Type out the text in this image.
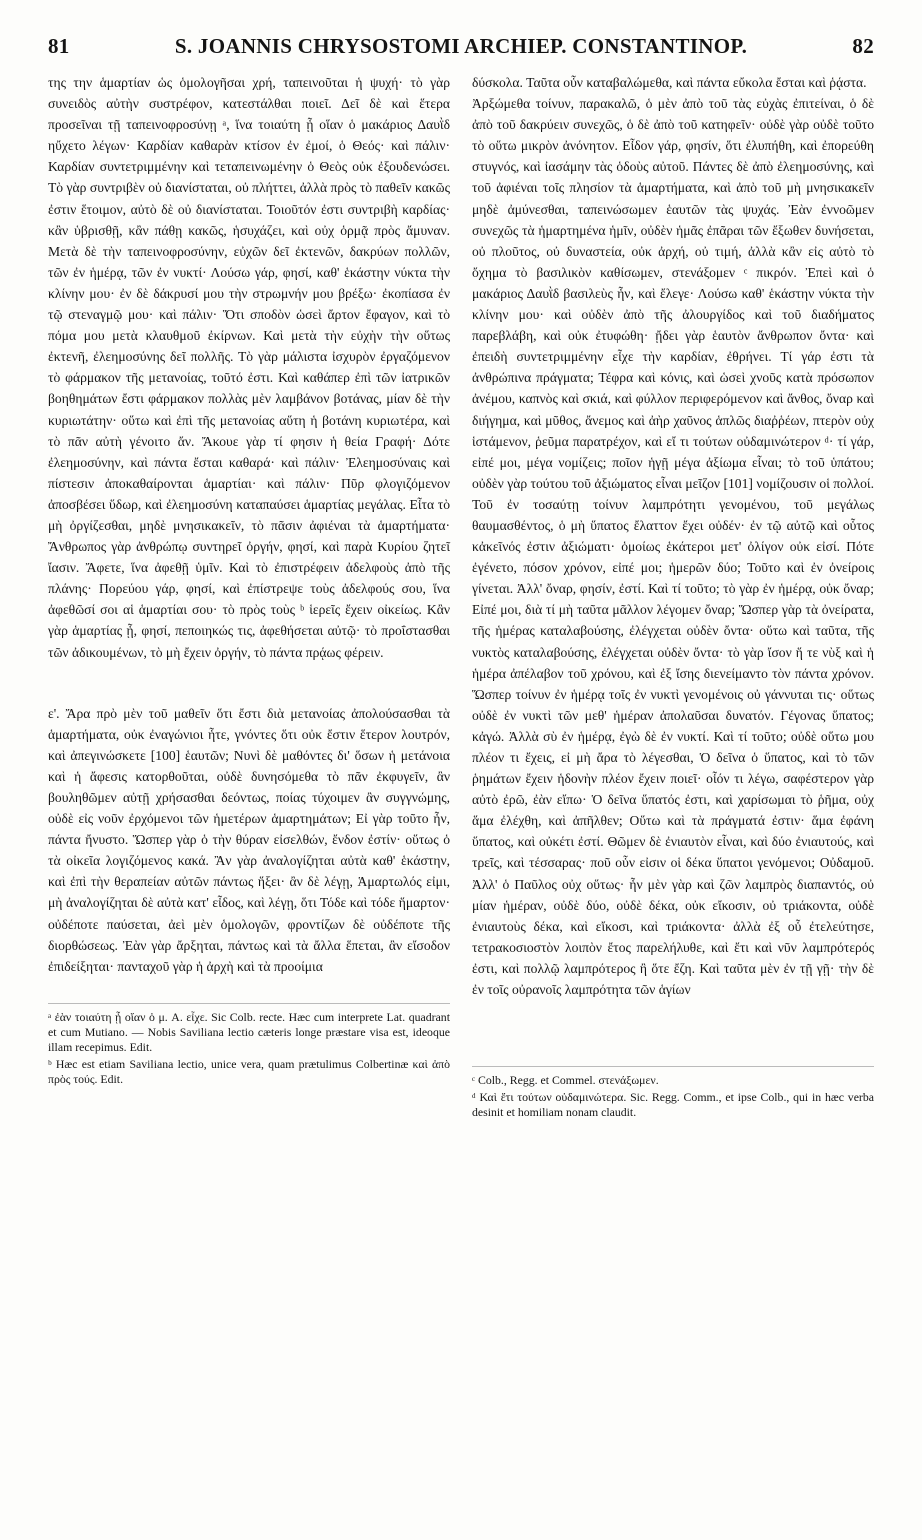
81	S. JOANNIS CHRYSOSTOMI ARCHIEP. CONSTANTINOP.	82

της την ἁμαρτίαν ὡς ὁμολογῆσαι χρή, ταπεινοῦται ἡ ψυχή· τὸ γὰρ συνειδὸς αὐτὴν συστρέφον, κατεστάλθαι ποιεῖ. Δεῖ δὲ καὶ ἕτερα προσεῖναι τῇ ταπεινοφροσύνῃ ᵃ, ἵνα τοιαύτη ᾖ οἵαν ὁ μακάριος Δαυῒδ ηὔχετο λέγων· Καρδίαν καθαρὰν κτίσον ἐν ἐμοί, ὁ Θεός· καὶ πάλιν· Καρδίαν συντετριμμένην καὶ τεταπεινωμένην ὁ Θεὸς οὐκ ἐξουδενώσει. Τὸ γὰρ συντριβὲν οὐ διανίσταται, οὐ πλήττει, ἀλλὰ πρὸς τὸ παθεῖν κακῶς ἐστιν ἕτοιμον, αὐτὸ δὲ οὐ διανίσταται. Τοιοῦτόν ἐστι συντριβὴ καρδίας· κἂν ὑβρισθῇ, κἂν πάθῃ κακῶς, ἡσυχάζει, καὶ οὐχ ὁρμᾷ πρὸς ἄμυναν. Μετὰ δὲ τὴν ταπεινοφροσύνην, εὐχῶν δεῖ ἐκτενῶν, δακρύων πολλῶν, τῶν ἐν ἡμέρᾳ, τῶν ἐν νυκτί· Λούσω γάρ, φησί, καθ' ἑκάστην νύκτα τὴν κλίνην μου· ἐν δὲ δάκρυσί μου τὴν στρωμνήν μου βρέξω· ἐκοπίασα ἐν τῷ στεναγμῷ μου· καὶ πάλιν· Ὅτι σποδὸν ὡσεὶ ἄρτον ἔφαγον, καὶ τὸ πόμα μου μετὰ κλαυθμοῦ ἐκίρνων. Καὶ μετὰ τὴν εὐχὴν τὴν οὕτως ἐκτενῆ, ἐλεημοσύνης δεῖ πολλῆς. Τὸ γὰρ μάλιστα ἰσχυρὸν ἐργαζόμενον τὸ φάρμακον τῆς μετανοίας, τοῦτό ἐστι. Καὶ καθάπερ ἐπὶ τῶν ἰατρικῶν βοηθημάτων ἔστι φάρμακον πολλὰς μὲν λαμβάνον βοτάνας, μίαν δὲ τὴν κυριωτάτην· οὕτω καὶ ἐπὶ τῆς μετανοίας αὕτη ἡ βοτάνη κυριωτέρα, καὶ τὸ πᾶν αὐτὴ γένοιτο ἄν. Ἄκουε γὰρ τί φησιν ἡ θεία Γραφή· Δότε ἐλεημοσύνην, καὶ πάντα ἔσται καθαρά· καὶ πάλιν· Ἐλεημοσύναις καὶ πίστεσιν ἀποκαθαίρονται ἁμαρτίαι· καὶ πάλιν· Πῦρ φλογιζόμενον ἀποσβέσει ὕδωρ, καὶ ἐλεημοσύνη καταπαύσει ἁμαρτίας μεγάλας. Εἶτα τὸ μὴ ὀργίζεσθαι, μηδὲ μνησικακεῖν, τὸ πᾶσιν ἀφιέναι τὰ ἁμαρτήματα· Ἄνθρωπος γὰρ ἀνθρώπῳ συντηρεῖ ὀργήν, φησί, καὶ παρὰ Κυρίου ζητεῖ ἴασιν. Ἄφετε, ἵνα ἀφεθῇ ὑμῖν. Καὶ τὸ ἐπιστρέφειν ἀδελφοὺς ἀπὸ τῆς πλάνης· Πορεύου γάρ, φησί, καὶ ἐπίστρεψε τοὺς ἀδελφούς σου, ἵνα ἀφεθῶσί σοι αἱ ἁμαρτίαι σου· τὸ πρὸς τοὺς ᵇ ἱερεῖς ἔχειν οἰκείως. Κἂν γὰρ ἁμαρτίας ᾖ, φησί, πεποιηκώς τις, ἀφεθήσεται αὐτῷ· τὸ προΐστασθαι τῶν ἀδικουμένων, τὸ μὴ ἔχειν ὀργήν, τὸ πάντα πρᾴως φέρειν.

ε'. Ἄρα πρὸ μὲν τοῦ μαθεῖν ὅτι ἔστι διὰ μετανοίας ἀπολούσασθαι τὰ ἁμαρτήματα, οὐκ ἐναγώνιοι ἦτε, γνόντες ὅτι οὐκ ἔστιν ἕτερον λουτρόν, καὶ ἀπεγινώσκετε [100] ἑαυτῶν; Νυνὶ δὲ μαθόντες δι' ὅσων ἡ μετάνοια καὶ ἡ ἄφεσις κατορθοῦται, οὐδὲ δυνησόμεθα τὸ πᾶν ἐκφυγεῖν, ἂν βουληθῶμεν αὐτῇ χρήσασθαι δεόντως, ποίας τύχοιμεν ἂν συγγνώμης, οὐδὲ εἰς νοῦν ἐρχόμενοι τῶν ἡμετέρων ἁμαρτημάτων; Εἰ γὰρ τοῦτο ἦν, πάντα ἤνυστο. Ὥσπερ γὰρ ὁ τὴν θύραν εἰσελθών, ἔνδον ἐστίν· οὕτως ὁ τὰ οἰκεῖα λογιζόμενος κακά. Ἂν γὰρ ἀναλογίζηται αὐτὰ καθ' ἑκάστην, καὶ ἐπὶ τὴν θεραπείαν αὐτῶν πάντως ἥξει· ἂν δὲ λέγῃ, Ἁμαρτωλός εἰμι, μὴ ἀναλογίζηται δὲ αὐτὰ κατ' εἶδος, καὶ λέγῃ, ὅτι Τόδε καὶ τόδε ἥμαρτον· οὐδέποτε παύσεται, ἀεὶ μὲν ὁμολογῶν, φροντίζων δὲ οὐδέποτε τῆς διορθώσεως. Ἐὰν γὰρ ἄρξηται, πάντως καὶ τὰ ἄλλα ἕπεται, ἂν εἴσοδον ἐπιδείξηται· πανταχοῦ γὰρ ἡ ἀρχὴ καὶ τὰ προοίμια

ᵃ ἐὰν τοιαύτη ᾖ οἵαν ὁ μ. A. εἶχε. Sic Colb. recte. Hæc cum interprete Lat. quadrant et cum Mutiano. — Nobis Saviliana lectio cæteris longe præstare visa est, ideoque illam recepimus. Edit.

ᵇ Hæc est etiam Saviliana lectio, unice vera, quam prætulimus Colbertinæ καὶ ἀπὸ πρὸς τούς. Edit.

δύσκολα. Ταῦτα οὖν καταβαλώμεθα, καὶ πάντα εὔκολα ἔσται καὶ ῥᾴστα.

Ἀρξώμεθα τοίνυν, παρακαλῶ, ὁ μὲν ἀπὸ τοῦ τὰς εὐχὰς ἐπιτείναι, ὁ δὲ ἀπὸ τοῦ δακρύειν συνεχῶς, ὁ δὲ ἀπὸ τοῦ κατηφεῖν· οὐδὲ γὰρ οὐδὲ τοῦτο τὸ οὕτω μικρὸν ἀνόνητον. Εἶδον γάρ, φησίν, ὅτι ἐλυπήθη, καὶ ἐπορεύθη στυγνός, καὶ ἰασάμην τὰς ὁδοὺς αὐτοῦ. Πάντες δὲ ἀπὸ ἐλεημοσύνης, καὶ τοῦ ἀφιέναι τοῖς πλησίον τὰ ἁμαρτήματα, καὶ ἀπὸ τοῦ μὴ μνησικακεῖν μηδὲ ἀμύνεσθαι, ταπεινώσωμεν ἑαυτῶν τὰς ψυχάς. Ἐὰν ἐννοῶμεν συνεχῶς τὰ ἡμαρτημένα ἡμῖν, οὐδὲν ἡμᾶς ἐπᾶραι τῶν ἔξωθεν δυνήσεται, οὐ πλοῦτος, οὐ δυναστεία, οὐκ ἀρχή, οὐ τιμή, ἀλλὰ κἂν εἰς αὐτὸ τὸ ὄχημα τὸ βασιλικὸν καθίσωμεν, στενάξομεν ᶜ πικρόν. Ἐπεὶ καὶ ὁ μακάριος Δαυῒδ βασιλεὺς ἦν, καὶ ἔλεγε· Λούσω καθ' ἑκάστην νύκτα τὴν κλίνην μου· καὶ οὐδὲν ἀπὸ τῆς ἀλουργίδος καὶ τοῦ διαδήματος παρεβλάβη, καὶ οὐκ ἐτυφώθη· ᾔδει γὰρ ἑαυτὸν ἄνθρωπον ὄντα· καὶ ἐπειδὴ συντετριμμένην εἶχε τὴν καρδίαν, ἐθρήνει. Τί γάρ ἐστι τὰ ἀνθρώπινα πράγματα; Τέφρα καὶ κόνις, καὶ ὡσεὶ χνοῦς κατὰ πρόσωπον ἀνέμου, καπνὸς καὶ σκιά, καὶ φύλλον περιφερόμενον καὶ ἄνθος, ὄναρ καὶ διήγημα, καὶ μῦθος, ἄνεμος καὶ ἀὴρ χαῦνος ἁπλῶς διαῤῥέων, πτερὸν οὐχ ἱστάμενον, ῥεῦμα παρατρέχον, καὶ εἴ τι τούτων οὐδαμινώτερον ᵈ· τί γάρ, εἰπέ μοι, μέγα νομίζεις; ποῖον ἡγῇ μέγα ἀξίωμα εἶναι; τὸ τοῦ ὑπάτου; οὐδὲν γὰρ τούτου τοῦ ἀξιώματος εἶναι μεῖζον [101] νομίζουσιν οἱ πολλοί. Τοῦ ἐν τοσαύτῃ τοίνυν λαμπρότητι γενομένου, τοῦ μεγάλως θαυμασθέντος, ὁ μὴ ὕπατος ἔλαττον ἔχει οὐδέν· ἐν τῷ αὐτῷ καὶ οὗτος κἀκεῖνός ἐστιν ἀξιώματι· ὁμοίως ἑκάτεροι μετ' ὀλίγον οὐκ εἰσί. Πότε ἐγένετο, πόσον χρόνον, εἰπέ μοι; ἡμερῶν δύο; Τοῦτο καὶ ἐν ὀνείροις γίνεται. Ἀλλ' ὄναρ, φησίν, ἐστί. Καὶ τί τοῦτο; τὸ γὰρ ἐν ἡμέρᾳ, οὐκ ὄναρ; Εἰπέ μοι, διὰ τί μὴ ταῦτα μᾶλλον λέγομεν ὄναρ; Ὥσπερ γὰρ τὰ ὀνείρατα, τῆς ἡμέρας καταλαβούσης, ἐλέγχεται οὐδὲν ὄντα· οὕτω καὶ ταῦτα, τῆς νυκτὸς καταλαβούσης, ἐλέγχεται οὐδὲν ὄντα· τὸ γὰρ ἴσον ἥ τε νὺξ καὶ ἡ ἡμέρα ἀπέλαβον τοῦ χρόνου, καὶ ἐξ ἴσης διενείμαντο τὸν πάντα χρόνον. Ὥσπερ τοίνυν ἐν ἡμέρᾳ τοῖς ἐν νυκτὶ γενομένοις οὐ γάννυται τις· οὕτως οὐδὲ ἐν νυκτὶ τῶν μεθ' ἡμέραν ἀπολαῦσαι δυνατόν. Γέγονας ὕπατος; κἀγώ. Ἀλλὰ σὺ ἐν ἡμέρᾳ, ἐγὼ δὲ ἐν νυκτί. Καὶ τί τοῦτο; οὐδὲ οὕτω μου πλέον τι ἔχεις, εἰ μὴ ἄρα τὸ λέγεσθαι, Ὁ δεῖνα ὁ ὕπατος, καὶ τὸ τῶν ῥημάτων ἔχειν ἡδονὴν πλέον ἔχειν ποιεῖ· οἷόν τι λέγω, σαφέστερον γὰρ αὐτὸ ἐρῶ, ἐὰν εἴπω· Ὁ δεῖνα ὕπατός ἐστι, καὶ χαρίσωμαι τὸ ῥῆμα, οὐχ ἅμα ἐλέχθη, καὶ ἀπῆλθεν; Οὕτω καὶ τὰ πράγματά ἐστιν· ἅμα ἐφάνη ὕπατος, καὶ οὐκέτι ἐστί. Θῶμεν δὲ ἐνιαυτὸν εἶναι, καὶ δύο ἐνιαυτούς, καὶ τρεῖς, καὶ τέσσαρας· ποῦ οὗν εἰσιν οἱ δέκα ὕπατοι γενόμενοι; Οὐδαμοῦ. Ἀλλ' ὁ Παῦλος οὐχ οὕτως· ἦν μὲν γὰρ καὶ ζῶν λαμπρὸς διαπαντός, οὐ μίαν ἡμέραν, οὐδὲ δύο, οὐδὲ δέκα, οὐκ εἴκοσιν, οὐ τριάκοντα, οὐδὲ ἐνιαυτοὺς δέκα, καὶ εἴκοσι, καὶ τριάκοντα· ἀλλὰ ἐξ οὗ ἐτελεύτησε, τετρακοσιοστὸν λοιπὸν ἔτος παρελήλυθε, καὶ ἔτι καὶ νῦν λαμπρότερός ἐστι, καὶ πολλῷ λαμπρότερος ἢ ὅτε ἔζη. Καὶ ταῦτα μὲν ἐν τῇ γῇ· τὴν δὲ ἐν τοῖς οὐρανοῖς λαμπρότητα τῶν ἁγίων

ᶜ Colb., Regg. et Commel. στενάξωμεν.

ᵈ Καὶ ἔτι τούτων οὐδαμινώτερα. Sic. Regg. Comm., et ipse Colb., qui in hæc verba desinit et homiliam nonam claudit.
